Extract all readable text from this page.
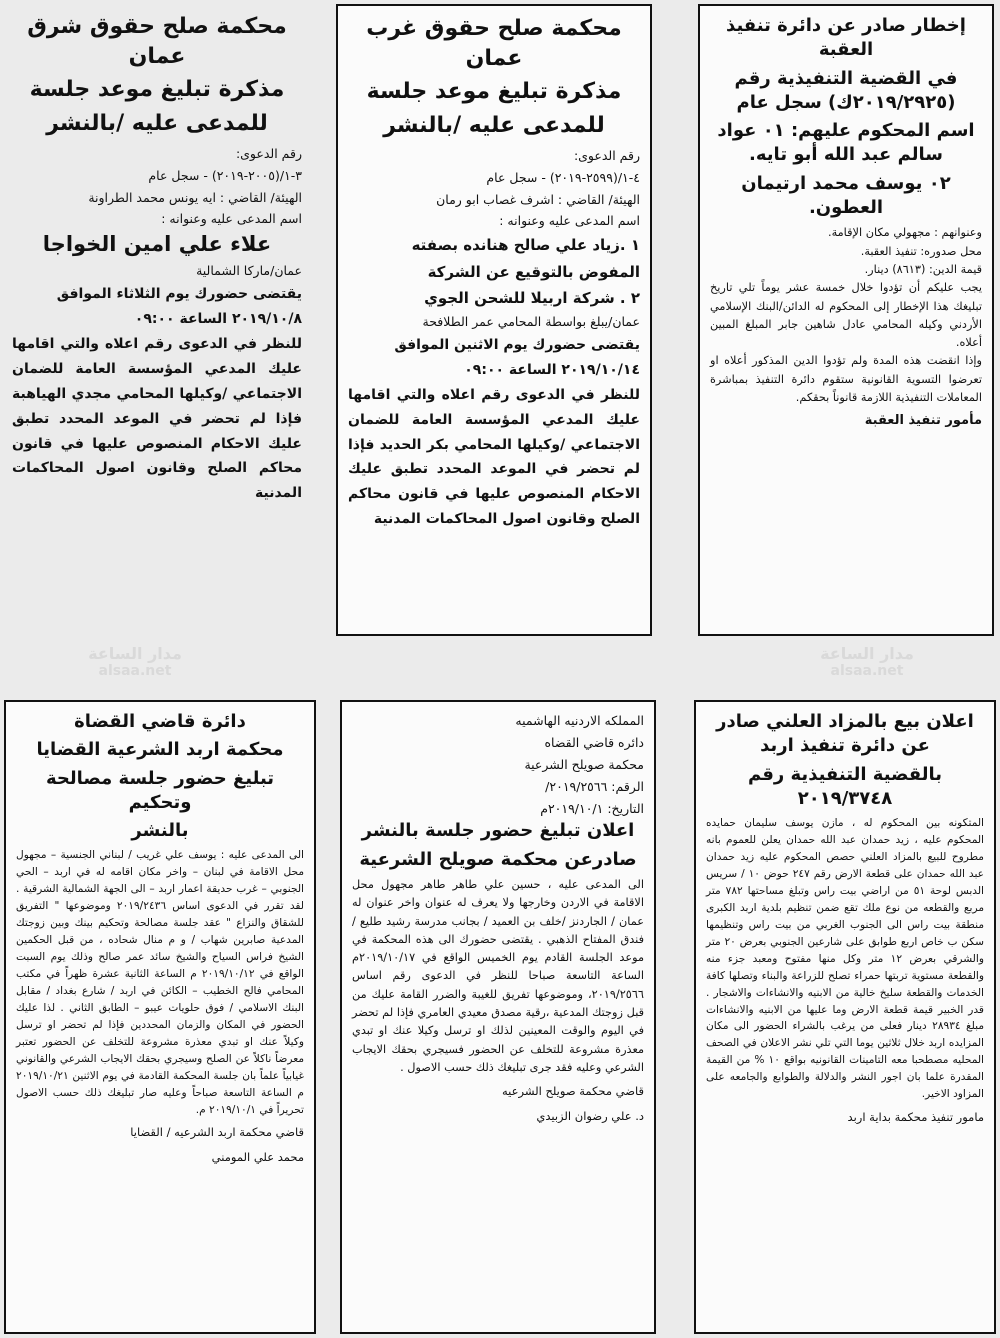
إخطار صادر عن دائرة تنفيذ العقبة
في القضية التنفيذية رقم (٢٠١٩/٢٩٢٥ك) سجل عام
اسم المحكوم عليهم: ٠١ عواد سالم عبد الله أبو تايه.
٠٢ يوسف محمد ارتيمان العطون.

وعنوانهم : مجهولي مكان الإقامة.

محل صدوره: تنفيذ العقبة.

قيمة الدين: (٨٦١٣) دينار.

يجب عليكم أن تؤدوا خلال خمسة عشر يوماً تلي تاريخ تبليغك هذا الإخطار إلى المحكوم له الدائن/البنك الإسلامي الأردني وكيله المحامي عادل شاهين جابر المبلغ المبين أعلاه.

وإذا انقضت هذه المدة ولم تؤدوا الدين المذكور أعلاه او تعرضوا التسوية القانونية ستقوم دائرة التنفيذ بمباشرة المعاملات التنفيذية اللازمة قانوناً بحقكم.

مأمور تنفيذ العقبة
محكمة صلح حقوق غرب عمان
مذكرة تبليغ موعد جلسة
للمدعى عليه /بالنشر

رقم الدعوى:

٤-١/(٢٥٩٩-٢٠١٩) - سجل عام

الهيئة/ القاضي : اشرف غصاب ابو رمان

اسم المدعى عليه وعنوانه :

١ .زياد علي صالح هنانده بصفته المفوض بالتوقيع عن الشركة

٢ . شركة اربيلا للشحن الجوي

عمان/يبلغ بواسطة المحامي عمر الطلافحة

يقتضى حضورك يوم الاثنين الموافق

٢٠١٩/١٠/١٤ الساعة ٠٩:٠٠

للنظر في الدعوى رقم اعلاه والتي اقامها عليك المدعي المؤسسة العامة للضمان الاجتماعي /وكيلها المحامي بكر الحديد فإذا لم تحضر في الموعد المحدد تطبق عليك الاحكام المنصوص عليها في قانون محاكم الصلح وقانون اصول المحاكمات المدنية

محكمة صلح حقوق شرق عمان
مذكرة تبليغ موعد جلسة
للمدعى عليه /بالنشر

رقم الدعوى:

٣-١/(٢٠٠٥-٢٠١٩) - سجل عام

الهيئة/ القاضي : ايه يونس محمد الطراونة

اسم المدعى عليه وعنوانه :

علاء علي امين الخواجا

عمان/ماركا الشمالية

يقتضى حضورك يوم الثلاثاء الموافق

٢٠١٩/١٠/٨ الساعة ٠٩:٠٠

للنظر في الدعوى رقم اعلاه والتي اقامها عليك المدعي المؤسسة العامة للضمان الاجتماعي /وكيلها المحامي مجدي الهياهبة فإذا لم تحضر في الموعد المحدد تطبق عليك الاحكام المنصوص عليها في قانون محاكم الصلح وقانون اصول المحاكمات المدنية

اعلان بيع بالمزاد العلني صادر عن دائرة تنفيذ اربد
بالقضية التنفيذية رقم ٢٠١٩/٣٧٤٨

المتكونه بين المحكوم له ، مازن يوسف سليمان حمايده المحكوم عليه ، زيد حمدان عبد الله حمدان يعلن للعموم بانه مطروح للبيع بالمزاد العلني حصص المحكوم عليه زيد حمدان عبد الله حمدان على قطعة الارض رقم ٢٤٧ حوض ١٠ / سريس الدبس لوحة ٥١ من اراضي بيت راس وتبلغ مساحتها ٧٨٢ متر مربع والقطعه من نوع ملك تقع ضمن تنظيم بلدية اربد الكبرى منطقة بيت راس الى الجنوب الغربي من بيت راس وتنظيمها سكن ب خاص اربع طوابق على شارعين الجنوبي بعرض ٢٠ متر والشرقي بعرض ١٢ متر وكل منها مفتوح ومعبد جزء منه والقطعة مستوية تربتها حمراء تصلح للزراعة والبناء وتصلها كافة الخدمات والقطعة سليخ خالية من الابنيه والانشاءات والاشجار . قدر الخبير قيمة قطعة الارض وما عليها من الابنيه والانشاءات مبلغ ٢٨٩٣٤ دينار فعلى من يرغب بالشراء الحضور الى مكان المزايده اربد خلال ثلاثين يوما التي تلي نشر الاعلان في الصحف المحليه مصطحبا معه التامينات القانونيه بواقع ١٠ % من القيمة المقدرة علما بان اجور النشر والدلالة والطوابع والجامعه على المزاود الاخير.

مامور تنفيذ محكمة بداية اربد

المملكه الاردنيه الهاشميه

دائره قاضي القضاه

محكمة صويلح الشرعية

الرقم: ٢٠١٩/٢٥٦٦/

التاريخ: ٢٠١٩/١٠/١م

اعلان تبليغ حضور جلسة بالنشر
صادرعن محكمة صويلح الشرعية

الى المدعى عليه ، حسين علي طاهر طاهر مجهول محل الاقامة في الاردن وخارجها ولا يعرف له عنوان واخر عنوان له عمان / الجاردنز /خلف بن العميد / بجانب مدرسة رشيد طليع /فندق المفتاح الذهبي . يقتضى حضورك الى هذه المحكمة في موعد الجلسة القادم يوم الخميس الواقع في ٢٠١٩/١٠/١٧م الساعة التاسعة صباحا للنظر في الدعوى رقم اساس ٢٠١٩/٢٥٦٦، وموضوعها تفريق للغيبة والضرر القامة عليك من قبل زوجتك المدعية ،رقية مصدق معيدي العامري فإذا لم تحضر في اليوم والوقت المعينين لذلك او ترسل وكيلا عنك او تبدي معذرة مشروعة للتخلف عن الحضور فسيجري بحقك الايجاب الشرعي وعليه فقد جرى تبليغك ذلك حسب الاصول .

قاضي محكمة صويلح الشرعيه
د. علي رضوان الزبيدي
دائرة قاضي القضاة
محكمة اربد الشرعية القضايا
تبليغ حضور جلسة مصالحة وتحكيم
بالنشر

الى المدعى عليه : يوسف علي غريب / لبناني الجنسية – مجهول محل الاقامة في لبنان – واخر مكان اقامه له في اربد – الحي الجنوبي – غرب حديقة اعمار اربد – الى الجهة الشمالية الشرقية . لقد تقرر في الدعوى اساس ٢٠١٩/٢٤٣٦ وموضوعها " التفريق للشقاق والنزاع " عقد جلسة مصالحة وتحكيم بينك وبين زوجتك المدعية صابرين شهاب / و م منال شحاده ، من قبل الحكمين الشيخ فراس السياح والشيخ سائد عمر صالح وذلك يوم السبت الواقع في ٢٠١٩/١٠/١٢ م الساعة الثانية عشرة ظهراً في مكتب المحامي فالح الخطيب – الكائن في اربد / شارع بغداد / مقابل البنك الاسلامي / فوق حلويات عيبو – الطابق الثاني . لذا عليك الحضور في المكان والزمان المحددين فإذا لم تحضر او ترسل وكيلاً عنك او تبدي معذرة مشروعة للتخلف عن الحضور تعتبر معرضاً ناكلاً عن الصلح وسيجري بحقك الايجاب الشرعي والقانوني غيابياً علماً بان جلسة المحكمة القادمة في يوم الاثنين ٢٠١٩/١٠/٢١ م الساعة التاسعة صباحاً وعليه صار تبليغك ذلك حسب الاصول تحريراً في ٢٠١٩/١٠/١ م.

قاضي محكمة اربد الشرعيه / القضايا
محمد علي المومني
مدار الساعة
alsaa.net
مدار الساعة
alsaa.net
